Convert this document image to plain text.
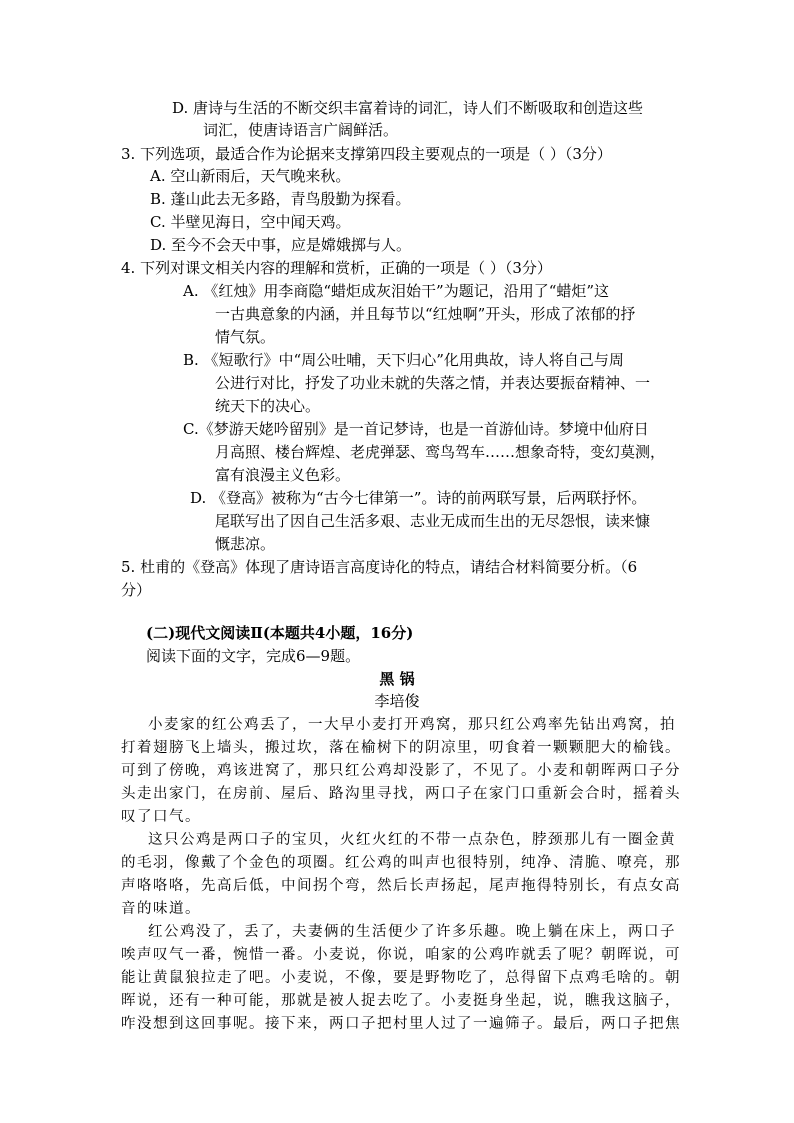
D. 唐诗与生活的不断交织丰富着诗的词汇，诗人们不断吸取和创造这些
词汇，使唐诗语言广阔鲜活。
3. 下列选项，最适合作为论据来支撑第四段主要观点的一项是（ ）（3分）
A. 空山新雨后，天气晚来秋。
B. 蓬山此去无多路，青鸟殷勤为探看。
C. 半壁见海日，空中闻天鸡。
D. 至今不会天中事，应是嫦娥掷与人。
4. 下列对课文相关内容的理解和赏析，正确的一项是（ ）（3分）
A. 《红烛》用李商隐“蜡炬成灰泪始干”为题记，沿用了“蜡炬”这
一古典意象的内涵，并且每节以“红烛啊”开头，形成了浓郁的抒
情气氛。
B. 《短歌行》中“周公吐哺，天下归心”化用典故，诗人将自己与周
公进行对比，抒发了功业未就的失落之情，并表达要振奋精神、一
统天下的决心。
C.《梦游天姥吟留别》是一首记梦诗，也是一首游仙诗。梦境中仙府日
月高照、楼台辉煌、老虎弹瑟、鸾鸟驾车……想象奇特，变幻莫测，
富有浪漫主义色彩。
D. 《登高》被称为“古今七律第一”。诗的前两联写景，后两联抒怀。
尾联写出了因自己生活多艰、志业无成而生出的无尽怨恨，读来慷
慨悲凉。
5. 杜甫的《登高》体现了唐诗语言高度诗化的特点，请结合材料简要分析。（6
分）
(二)现代文阅读Ⅱ(本题共4小题，16分)
阅读下面的文字，完成6—9题。
黑 锅
李培俊
小麦家的红公鸡丢了，一大早小麦打开鸡窝，那只红公鸡率先钻出鸡窝，拍
打着翅膀飞上墙头，搬过坎，落在榆树下的阴凉里，叨食着一颗颗肥大的榆钱。
可到了傍晚，鸡该进窝了，那只红公鸡却没影了，不见了。小麦和朝晖两口子分
头走出家门，在房前、屋后、路沟里寻找，两口子在家门口重新会合时，摇着头
叹了口气。
这只公鸡是两口子的宝贝，火红火红的不带一点杂色，脖颈那儿有一圈金黄
的毛羽，像戴了个金色的项圈。红公鸡的叫声也很特别，纯净、清脆、嘹亮，那
声咯咯咯，先高后低，中间拐个弯，然后长声扬起，尾声拖得特别长，有点女高
音的味道。
红公鸡没了，丢了，夫妻俩的生活便少了许多乐趣。晚上躺在床上，两口子
唉声叹气一番，惋惜一番。小麦说，你说，咱家的公鸡咋就丢了呢？朝晖说，可
能让黄鼠狼拉走了吧。小麦说，不像，要是野物吃了，总得留下点鸡毛啥的。朝
晖说，还有一种可能，那就是被人捉去吃了。小麦挺身坐起，说，瞧我这脑子，
咋没想到这回事呢。接下来，两口子把村里人过了一遍筛子。最后，两口子把焦
